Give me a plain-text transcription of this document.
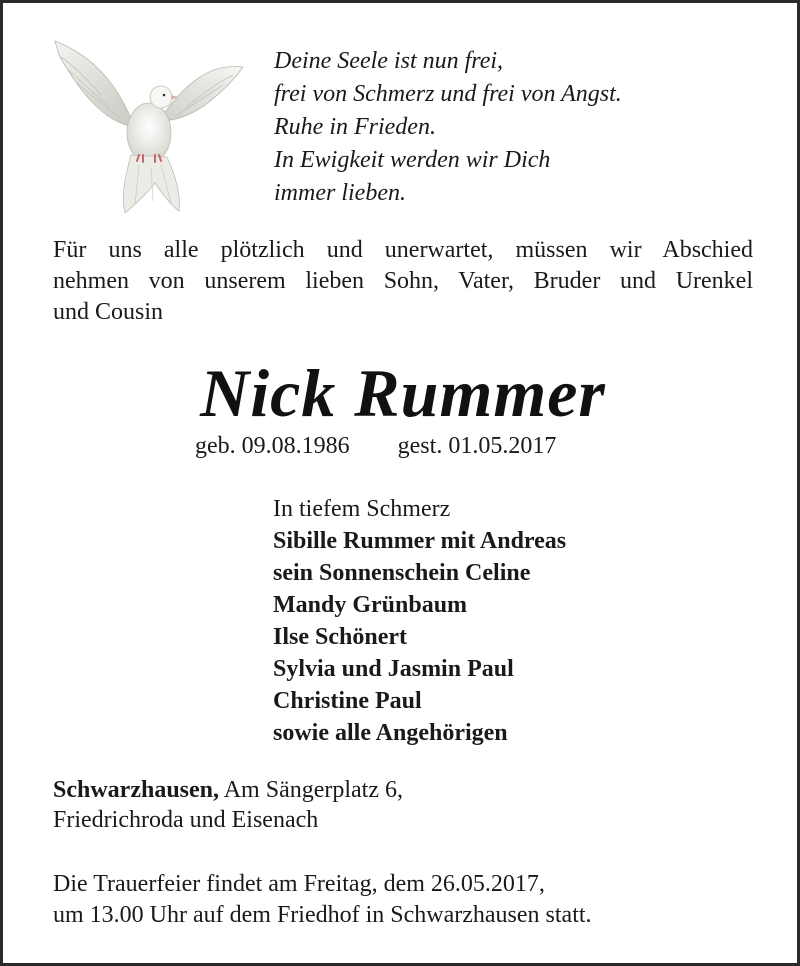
Deine Seele ist nun frei,
frei von Schmerz und frei von Angst.
Ruhe in Frieden.
In Ewigkeit werden wir Dich
immer lieben.
Für uns alle plötzlich und unerwartet, müssen wir Abschied
nehmen von unserem lieben Sohn, Vater, Bruder und Urenkel
und Cousin
Nick Rummer
geb. 09.08.1986 gest. 01.05.2017
In tiefem Schmerz
Sibille Rummer mit Andreas
sein Sonnenschein Celine
Mandy Grünbaum
Ilse Schönert
Sylvia und Jasmin Paul
Christine Paul
sowie alle Angehörigen
Schwarzhausen, Am Sängerplatz 6,
Friedrichroda und Eisenach
Die Trauerfeier findet am Freitag, dem 26.05.2017,
um 13.00 Uhr auf dem Friedhof in Schwarzhausen statt.
